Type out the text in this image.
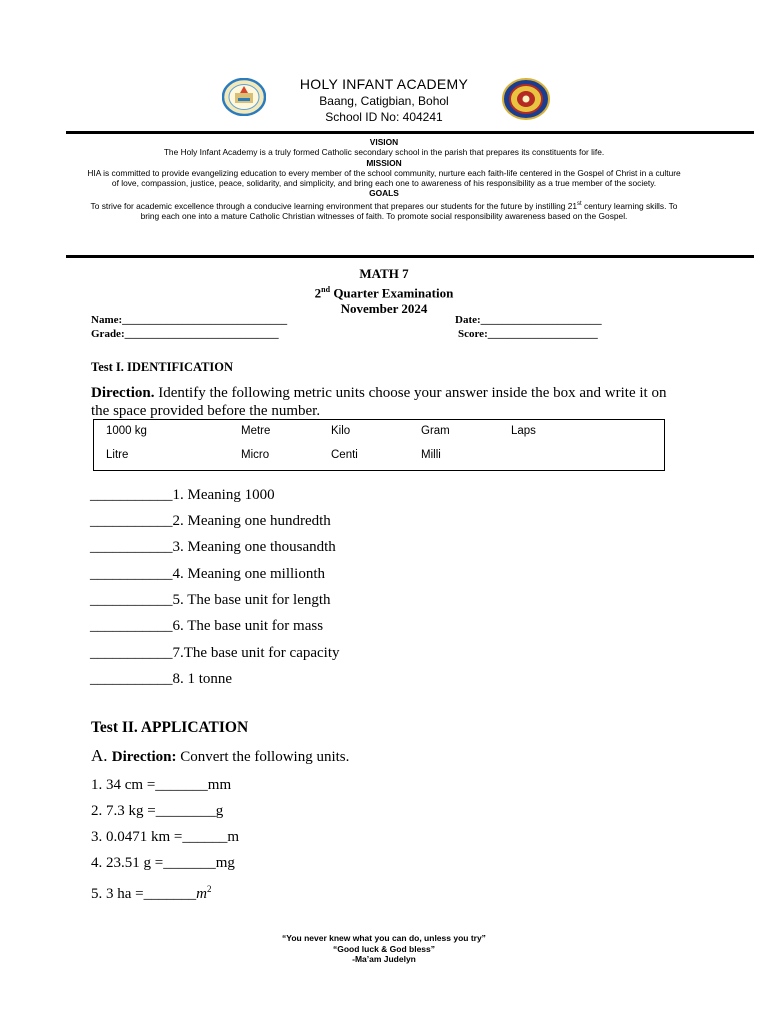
HOLY INFANT ACADEMY
Baang, Catigbian, Bohol
School ID No: 404241
VISION
The Holy Infant Academy is a truly formed Catholic secondary school in the parish that prepares its constituents for life.
MISSION
HIA is committed to provide evangelizing education to every member of the school community, nurture each faith-life centered in the Gospel of Christ in a culture of love, compassion, justice, peace, solidarity, and simplicity, and bring each one to awareness of his responsibility as a true member of the society.
GOALS
To strive for academic excellence through a conducive learning environment that prepares our students for the future by instilling 21st century learning skills. To bring each one into a mature Catholic Christian witnesses of faith. To promote social responsibility awareness based on the Gospel.
MATH 7
2nd Quarter Examination
November 2024
Name:______________________________	Date:______________________
Grade:____________________________	Score:____________________
Test I. IDENTIFICATION
Direction. Identify the following metric units choose your answer inside the box and write it on the space provided before the number.
1000 kg	Metre	Kilo	Gram	Laps
Litre	Micro	Centi	Milli
___________1. Meaning 1000
___________2. Meaning one hundredth
___________3. Meaning one thousandth
___________4. Meaning one millionth
___________5. The base unit for length
___________6. The base unit for mass
___________7.The base unit for capacity
___________8. 1 tonne
Test II. APPLICATION
A. Direction: Convert the following units.
1. 34 cm =_______mm
2. 7.3 kg =________g
3. 0.0471 km =______m
4. 23.51 g =_______mg
5. 3 ha $=\_\_\_\_\_\_\_m^2$
“You never knew what you can do, unless you try”
“Good luck & God bless”
-Ma’am Judelyn
